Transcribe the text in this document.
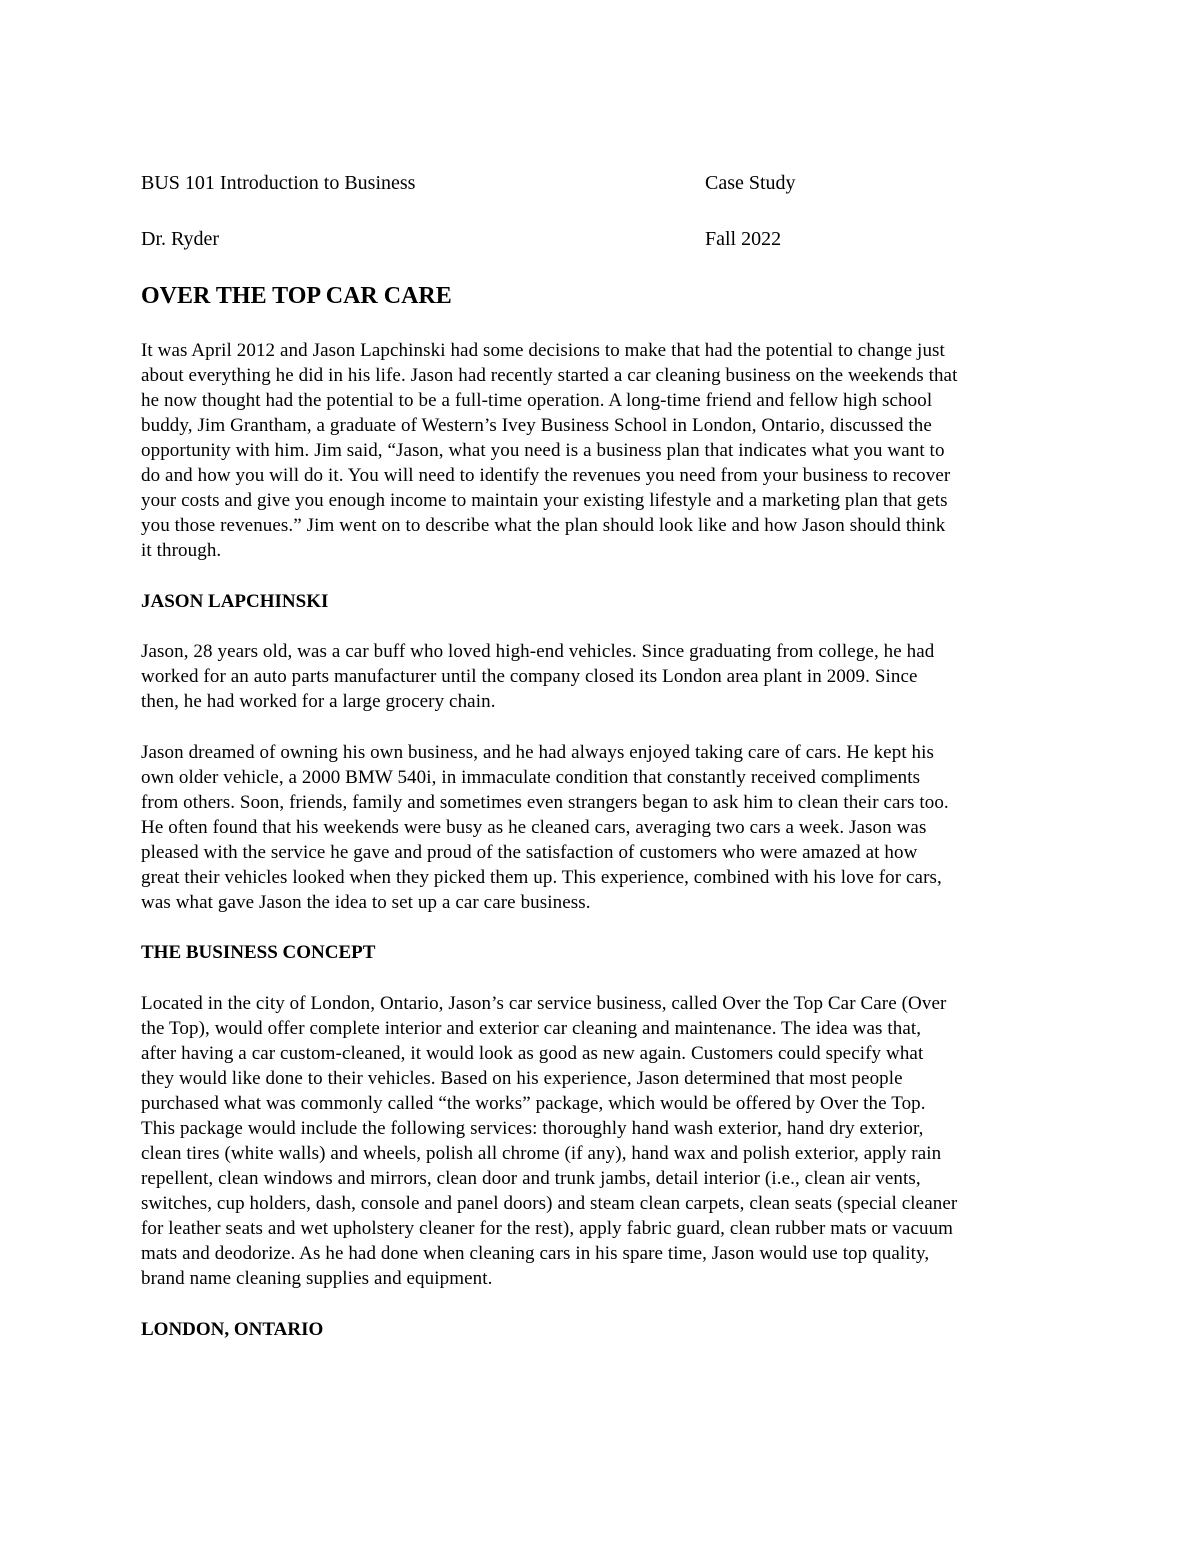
BUS 101 Introduction to Business	Case Study
Dr. Ryder	Fall 2022
OVER THE TOP CAR CARE
It was April 2012 and Jason Lapchinski had some decisions to make that had the potential to change just
about everything he did in his life. Jason had recently started a car cleaning business on the weekends that
he now thought had the potential to be a full-time operation. A long-time friend and fellow high school
buddy, Jim Grantham, a graduate of Western’s Ivey Business School in London, Ontario, discussed the
opportunity with him. Jim said, “Jason, what you need is a business plan that indicates what you want to
do and how you will do it. You will need to identify the revenues you need from your business to recover
your costs and give you enough income to maintain your existing lifestyle and a marketing plan that gets
you those revenues.” Jim went on to describe what the plan should look like and how Jason should think
it through.
JASON LAPCHINSKI
Jason, 28 years old, was a car buff who loved high-end vehicles. Since graduating from college, he had
worked for an auto parts manufacturer until the company closed its London area plant in 2009. Since
then, he had worked for a large grocery chain.
Jason dreamed of owning his own business, and he had always enjoyed taking care of cars. He kept his
own older vehicle, a 2000 BMW 540i, in immaculate condition that constantly received compliments
from others. Soon, friends, family and sometimes even strangers began to ask him to clean their cars too.
He often found that his weekends were busy as he cleaned cars, averaging two cars a week. Jason was
pleased with the service he gave and proud of the satisfaction of customers who were amazed at how
great their vehicles looked when they picked them up. This experience, combined with his love for cars,
was what gave Jason the idea to set up a car care business.
THE BUSINESS CONCEPT
Located in the city of London, Ontario, Jason’s car service business, called Over the Top Car Care (Over
the Top), would offer complete interior and exterior car cleaning and maintenance. The idea was that,
after having a car custom-cleaned, it would look as good as new again. Customers could specify what
they would like done to their vehicles. Based on his experience, Jason determined that most people
purchased what was commonly called “the works” package, which would be offered by Over the Top.
This package would include the following services: thoroughly hand wash exterior, hand dry exterior,
clean tires (white walls) and wheels, polish all chrome (if any), hand wax and polish exterior, apply rain
repellent, clean windows and mirrors, clean door and trunk jambs, detail interior (i.e., clean air vents,
switches, cup holders, dash, console and panel doors) and steam clean carpets, clean seats (special cleaner
for leather seats and wet upholstery cleaner for the rest), apply fabric guard, clean rubber mats or vacuum
mats and deodorize. As he had done when cleaning cars in his spare time, Jason would use top quality,
brand name cleaning supplies and equipment.
LONDON, ONTARIO
